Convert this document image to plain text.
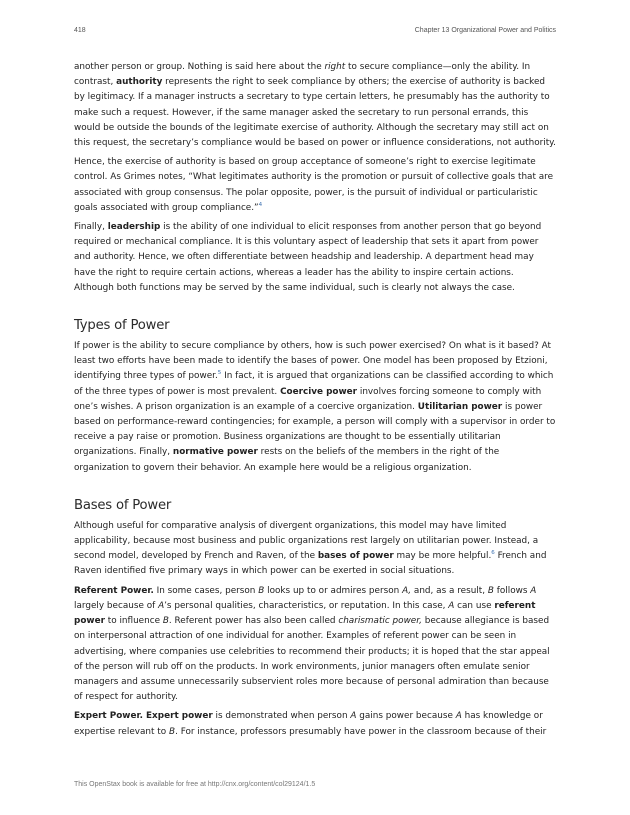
418	Chapter 13 Organizational Power and Politics

another person or group. Nothing is said here about the right to secure compliance—only the ability. In contrast, authority represents the right to seek compliance by others; the exercise of authority is backed by legitimacy. If a manager instructs a secretary to type certain letters, he presumably has the authority to make such a request. However, if the same manager asked the secretary to run personal errands, this would be outside the bounds of the legitimate exercise of authority. Although the secretary may still act on this request, the secretary’s compliance would be based on power or influence considerations, not authority.

Hence, the exercise of authority is based on group acceptance of someone’s right to exercise legitimate control. As Grimes notes, “What legitimates authority is the promotion or pursuit of collective goals that are associated with group consensus. The polar opposite, power, is the pursuit of individual or particularistic goals associated with group compliance.”$^4$

Finally, leadership is the ability of one individual to elicit responses from another person that go beyond required or mechanical compliance. It is this voluntary aspect of leadership that sets it apart from power and authority. Hence, we often differentiate between headship and leadership. A department head may have the right to require certain actions, whereas a leader has the ability to inspire certain actions. Although both functions may be served by the same individual, such is clearly not always the case.

Types of Power

If power is the ability to secure compliance by others, how is such power exercised? On what is it based? At least two efforts have been made to identify the bases of power. One model has been proposed by Etzioni, identifying three types of power.$^5$ In fact, it is argued that organizations can be classified according to which of the three types of power is most prevalent. Coercive power involves forcing someone to comply with one’s wishes. A prison organization is an example of a coercive organization. Utilitarian power is power based on performance-reward contingencies; for example, a person will comply with a supervisor in order to receive a pay raise or promotion. Business organizations are thought to be essentially utilitarian organizations. Finally, normative power rests on the beliefs of the members in the right of the organization to govern their behavior. An example here would be a religious organization.

Bases of Power

Although useful for comparative analysis of divergent organizations, this model may have limited applicability, because most business and public organizations rest largely on utilitarian power. Instead, a second model, developed by French and Raven, of the bases of power may be more helpful.$^6$ French and Raven identified five primary ways in which power can be exerted in social situations.

Referent Power. In some cases, person B looks up to or admires person A, and, as a result, B follows A largely because of A’s personal qualities, characteristics, or reputation. In this case, A can use referent power to influence B. Referent power has also been called charismatic power, because allegiance is based on interpersonal attraction of one individual for another. Examples of referent power can be seen in advertising, where companies use celebrities to recommend their products; it is hoped that the star appeal of the person will rub off on the products. In work environments, junior managers often emulate senior managers and assume unnecessarily subservient roles more because of personal admiration than because of respect for authority.

Expert Power. Expert power is demonstrated when person A gains power because A has knowledge or expertise relevant to B. For instance, professors presumably have power in the classroom because of their

This OpenStax book is available for free at http://cnx.org/content/col29124/1.5
